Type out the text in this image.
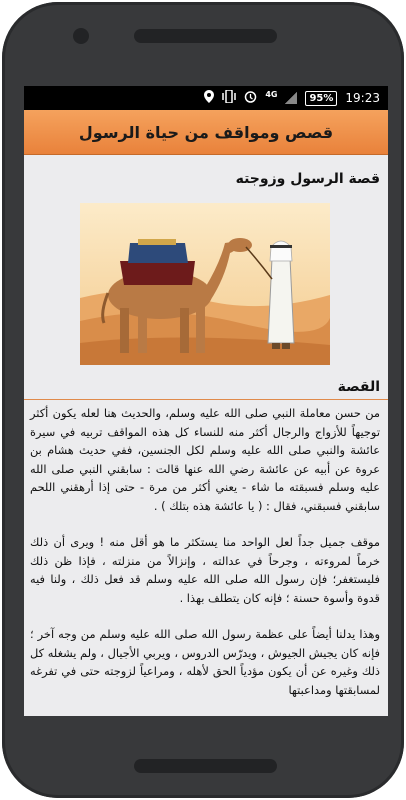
4G	95%	19:23
قصص ومواقف من حياة الرسول
قصة الرسول وزوجته
القصة

من حسن معاملة النبي صلى الله عليه وسلم، والحديث هنا لعله يكون أكثر توجيهاً للأزواج والرجال أكثر منه للنساء كل هذه المواقف تربيه في سيرة عائشة والنبي صلى الله عليه وسلم لكل الجنسين، ففي حديث هشام بن عروة عن أبيه عن عائشة رضي الله عنها قالت : سابقني النبي صلى الله عليه وسلم فسبقته ما شاء - يعني أكثر من مرة - حتى إذا أرهقني اللحم سابقني فسبقني، فقال : ( يا عائشة هذه بتلك ) .

موقف جميل جداً لعل الواحد منا يستكثر ما هو أقل منه ! ويرى أن ذلك خرماً لمروءته ، وجرحاً في عدالته ، وإنزالاً من منزلته ، فإذا ظن ذلك فليستغفر؛ فإن رسول الله صلى الله عليه وسلم قد فعل ذلك ، ولنا فيه قدوة وأسوة حسنة ؛ فإنه كان يتطلف بهذا .

وهذا يدلنا أيضاً على عظمة رسول الله صلى الله عليه وسلم من وجه آخر ؛ فإنه كان يجيش الجيوش ، ويدرّس الدروس ، ويربي الأجيال ، ولم يشغله كل ذلك وغيره عن أن يكون مؤدياً الحق لأهله ، ومراعياً لزوجته حتى في تفرغه لمسابقتها ومداعبتها
